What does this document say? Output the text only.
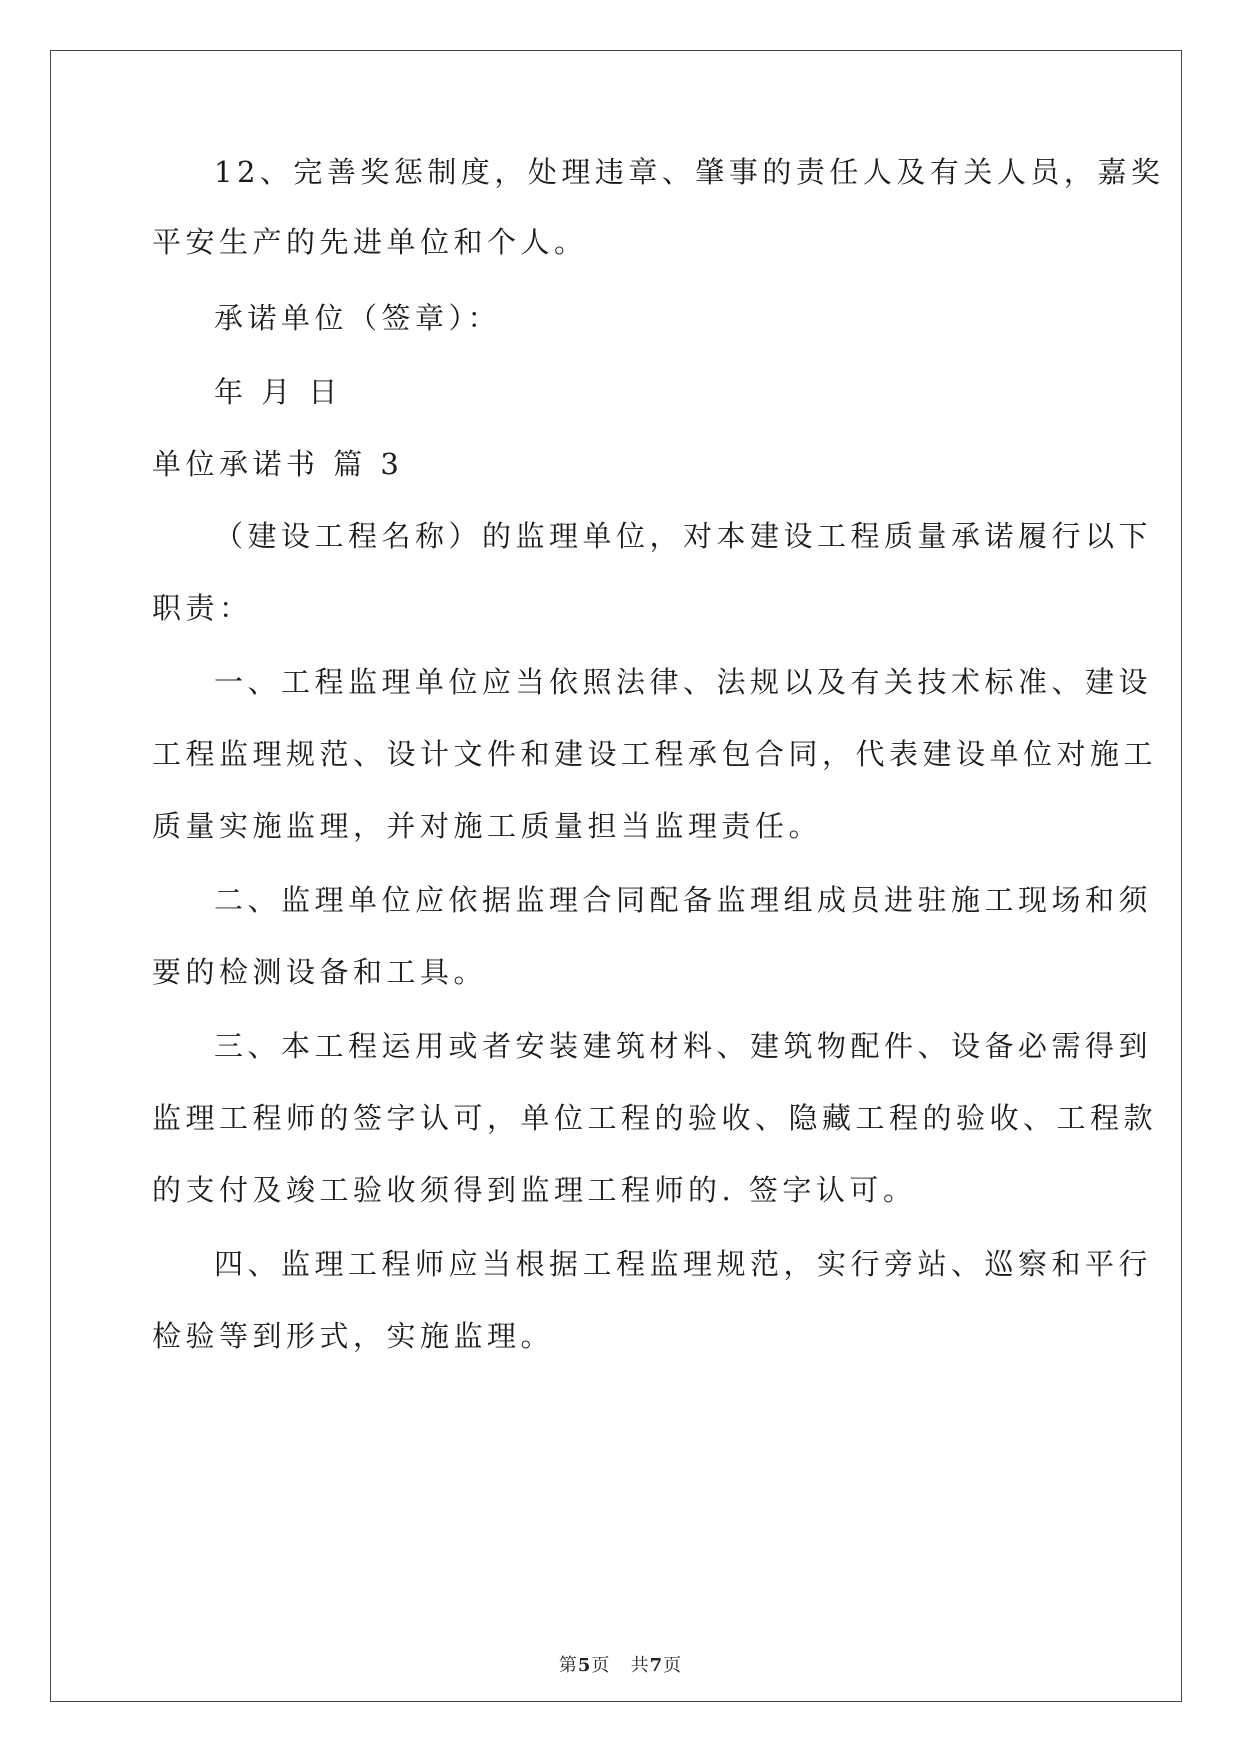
12、完善奖惩制度，处理违章、肇事的责任人及有关人员，嘉奖
平安生产的先进单位和个人。
承诺单位（签章）：
年 月 日
单位承诺书 篇 3
（建设工程名称）的监理单位，对本建设工程质量承诺履行以下
职责：
一、工程监理单位应当依照法律、法规以及有关技术标准、建设
工程监理规范、设计文件和建设工程承包合同，代表建设单位对施工
质量实施监理，并对施工质量担当监理责任。
二、监理单位应依据监理合同配备监理组成员进驻施工现场和须
要的检测设备和工具。
三、本工程运用或者安装建筑材料、建筑物配件、设备必需得到
监理工程师的签字认可，单位工程的验收、隐藏工程的验收、工程款
的支付及竣工验收须得到监理工程师的. 签字认可。
四、监理工程师应当根据工程监理规范，实行旁站、巡察和平行
检验等到形式，实施监理。
第5页 共7页
